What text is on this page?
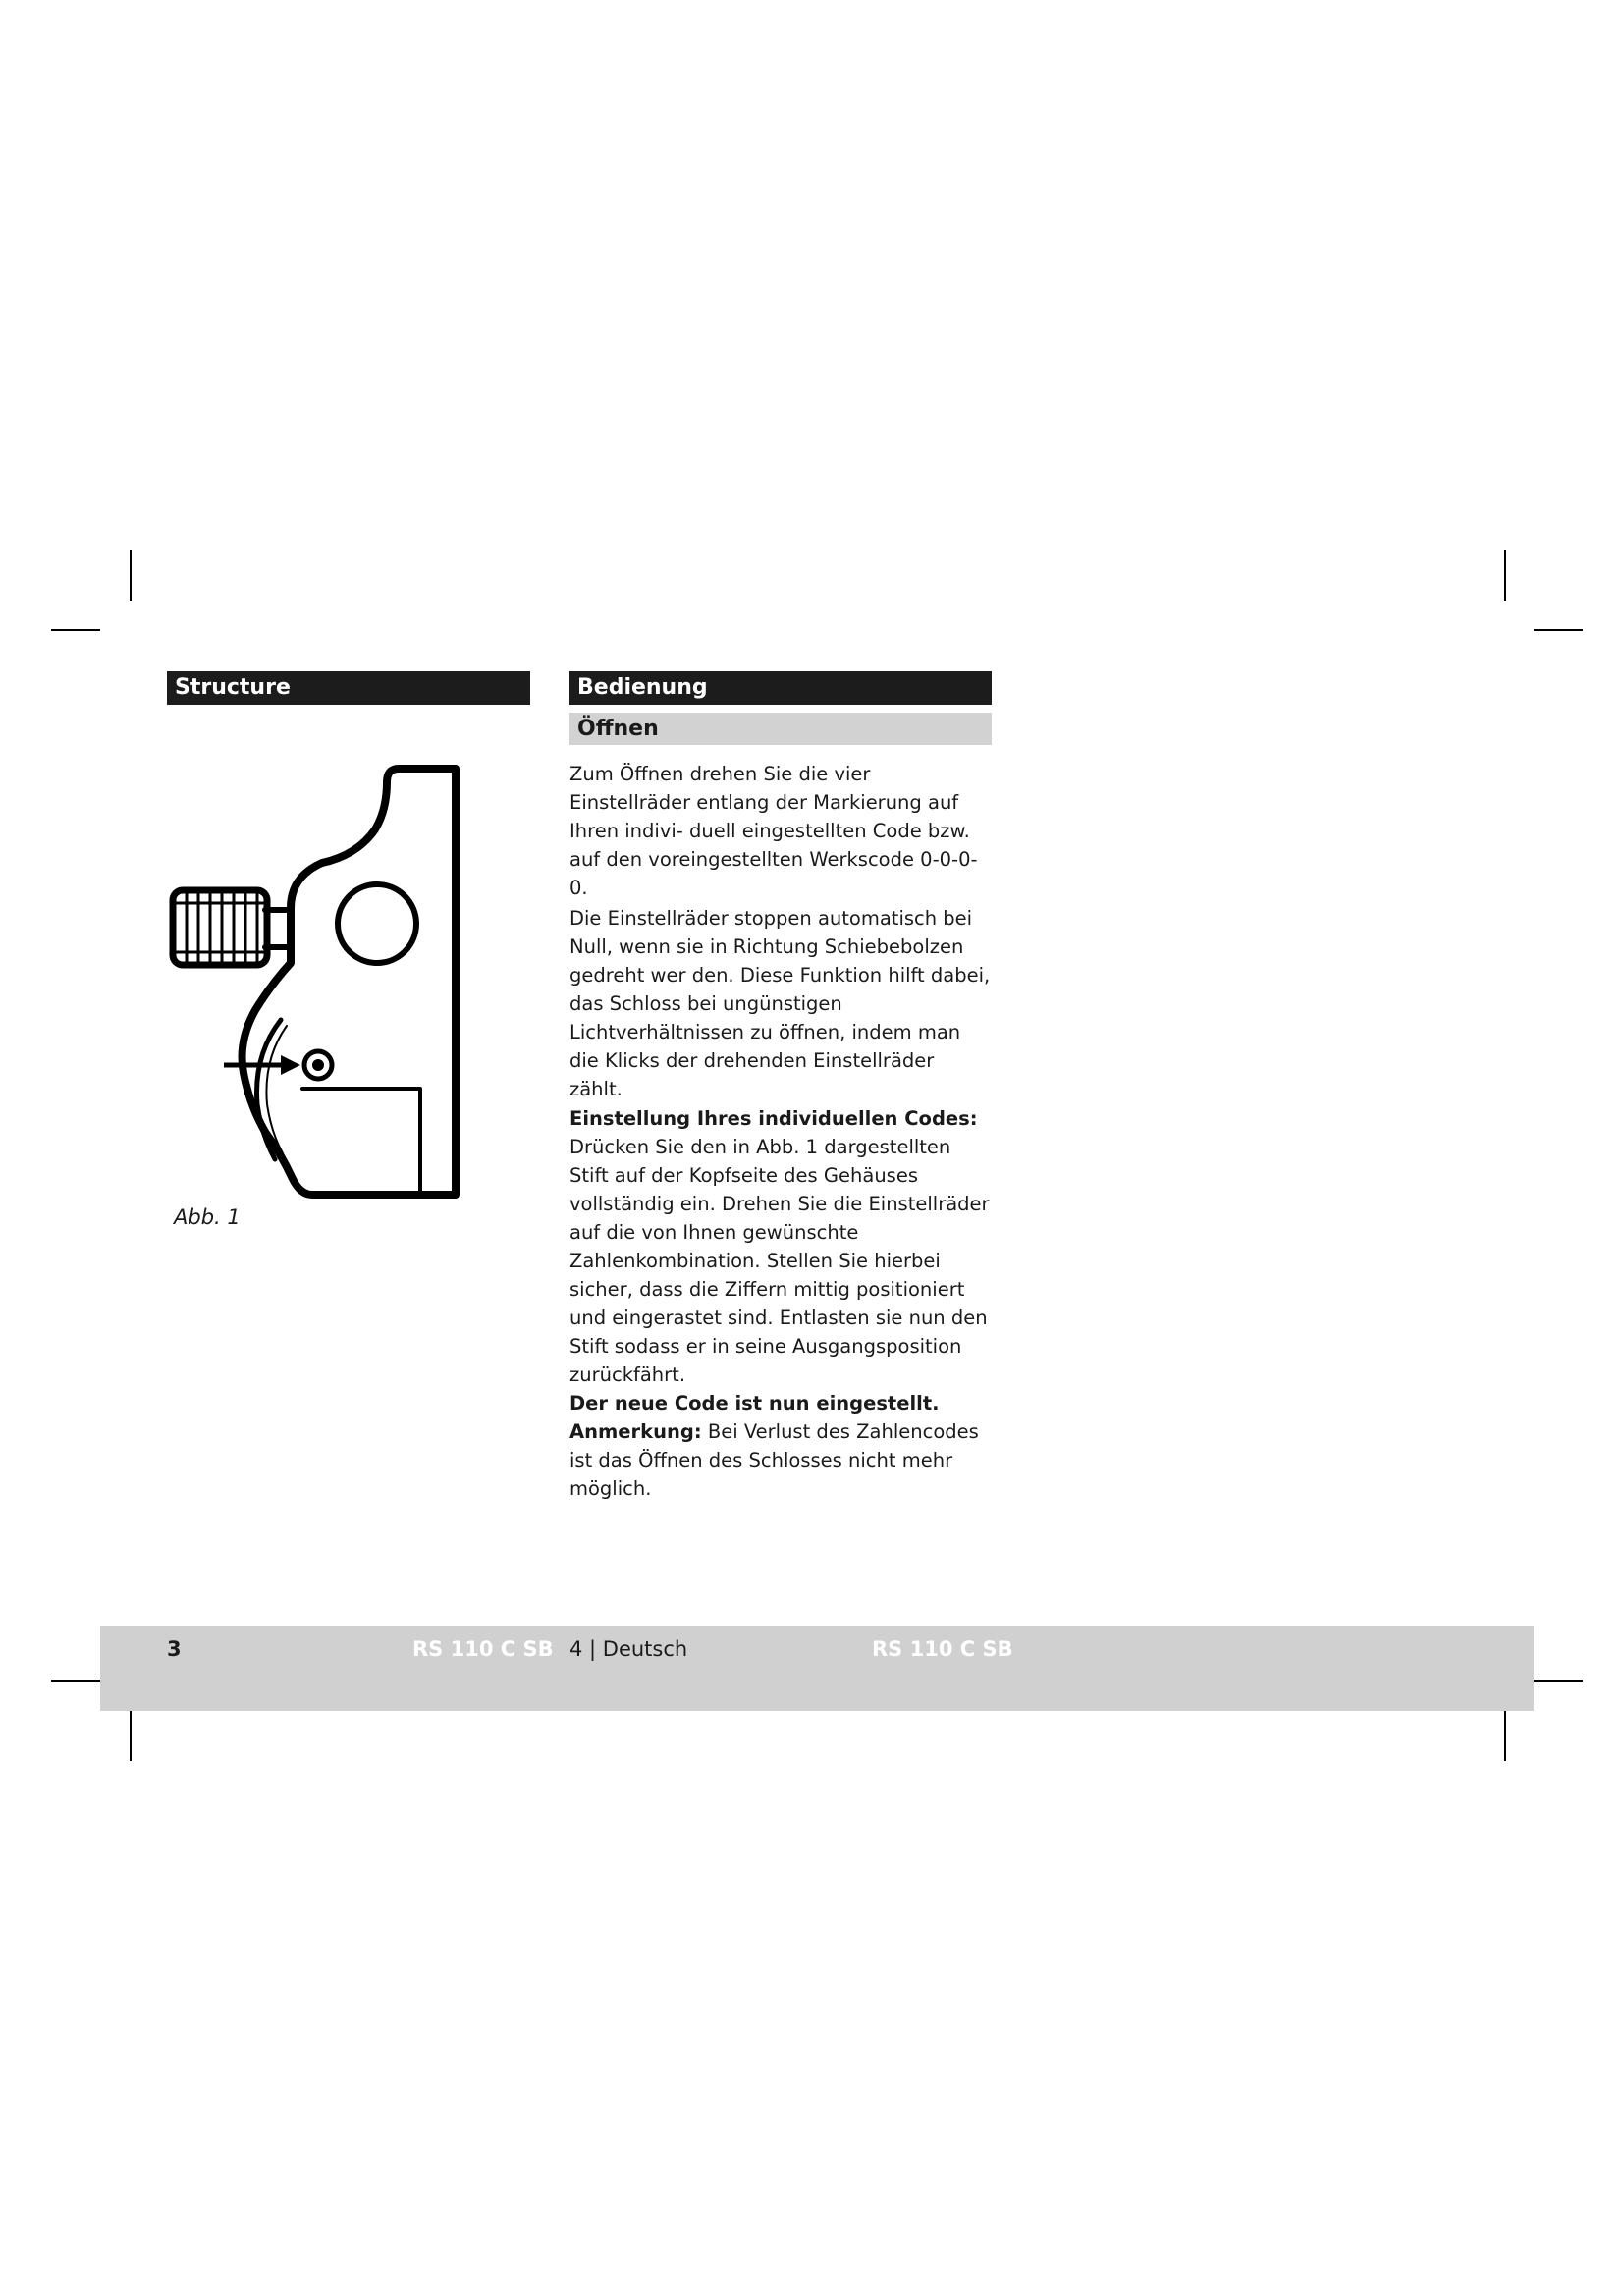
Structure
Abb. 1
Bedienung
Öffnen

Zum Öffnen drehen Sie die vier Einstellräder entlang der Markierung auf Ihren indivi- duell eingestellten Code bzw. auf den voreingestellten Werkscode 0-0-0-0.

Die Einstellräder stoppen automatisch bei Null, wenn sie in Richtung Schiebebolzen gedreht wer den. Diese Funktion hilft dabei, das Schloss bei ungünstigen Lichtverhältnissen zu öffnen, indem man die Klicks der drehenden Einstellräder zählt.

Einstellung Ihres individuellen Codes:
Drücken Sie den in Abb. 1 dargestellten Stift auf der Kopfseite des Gehäuses vollständig ein. Drehen Sie die Einstellräder auf die von Ihnen gewünschte Zahlenkombination. Stellen Sie hierbei sicher, dass die Ziffern mittig positioniert und eingerastet sind. Entlasten sie nun den Stift sodass er in seine Ausgangsposition zurückfährt.
Der neue Code ist nun eingestellt.
Anmerkung: Bei Verlust des Zahlencodes ist das Öffnen des Schlosses nicht mehr möglich.

3	RS 110 C SB 4 | Deutsch	RS 110 C SB
